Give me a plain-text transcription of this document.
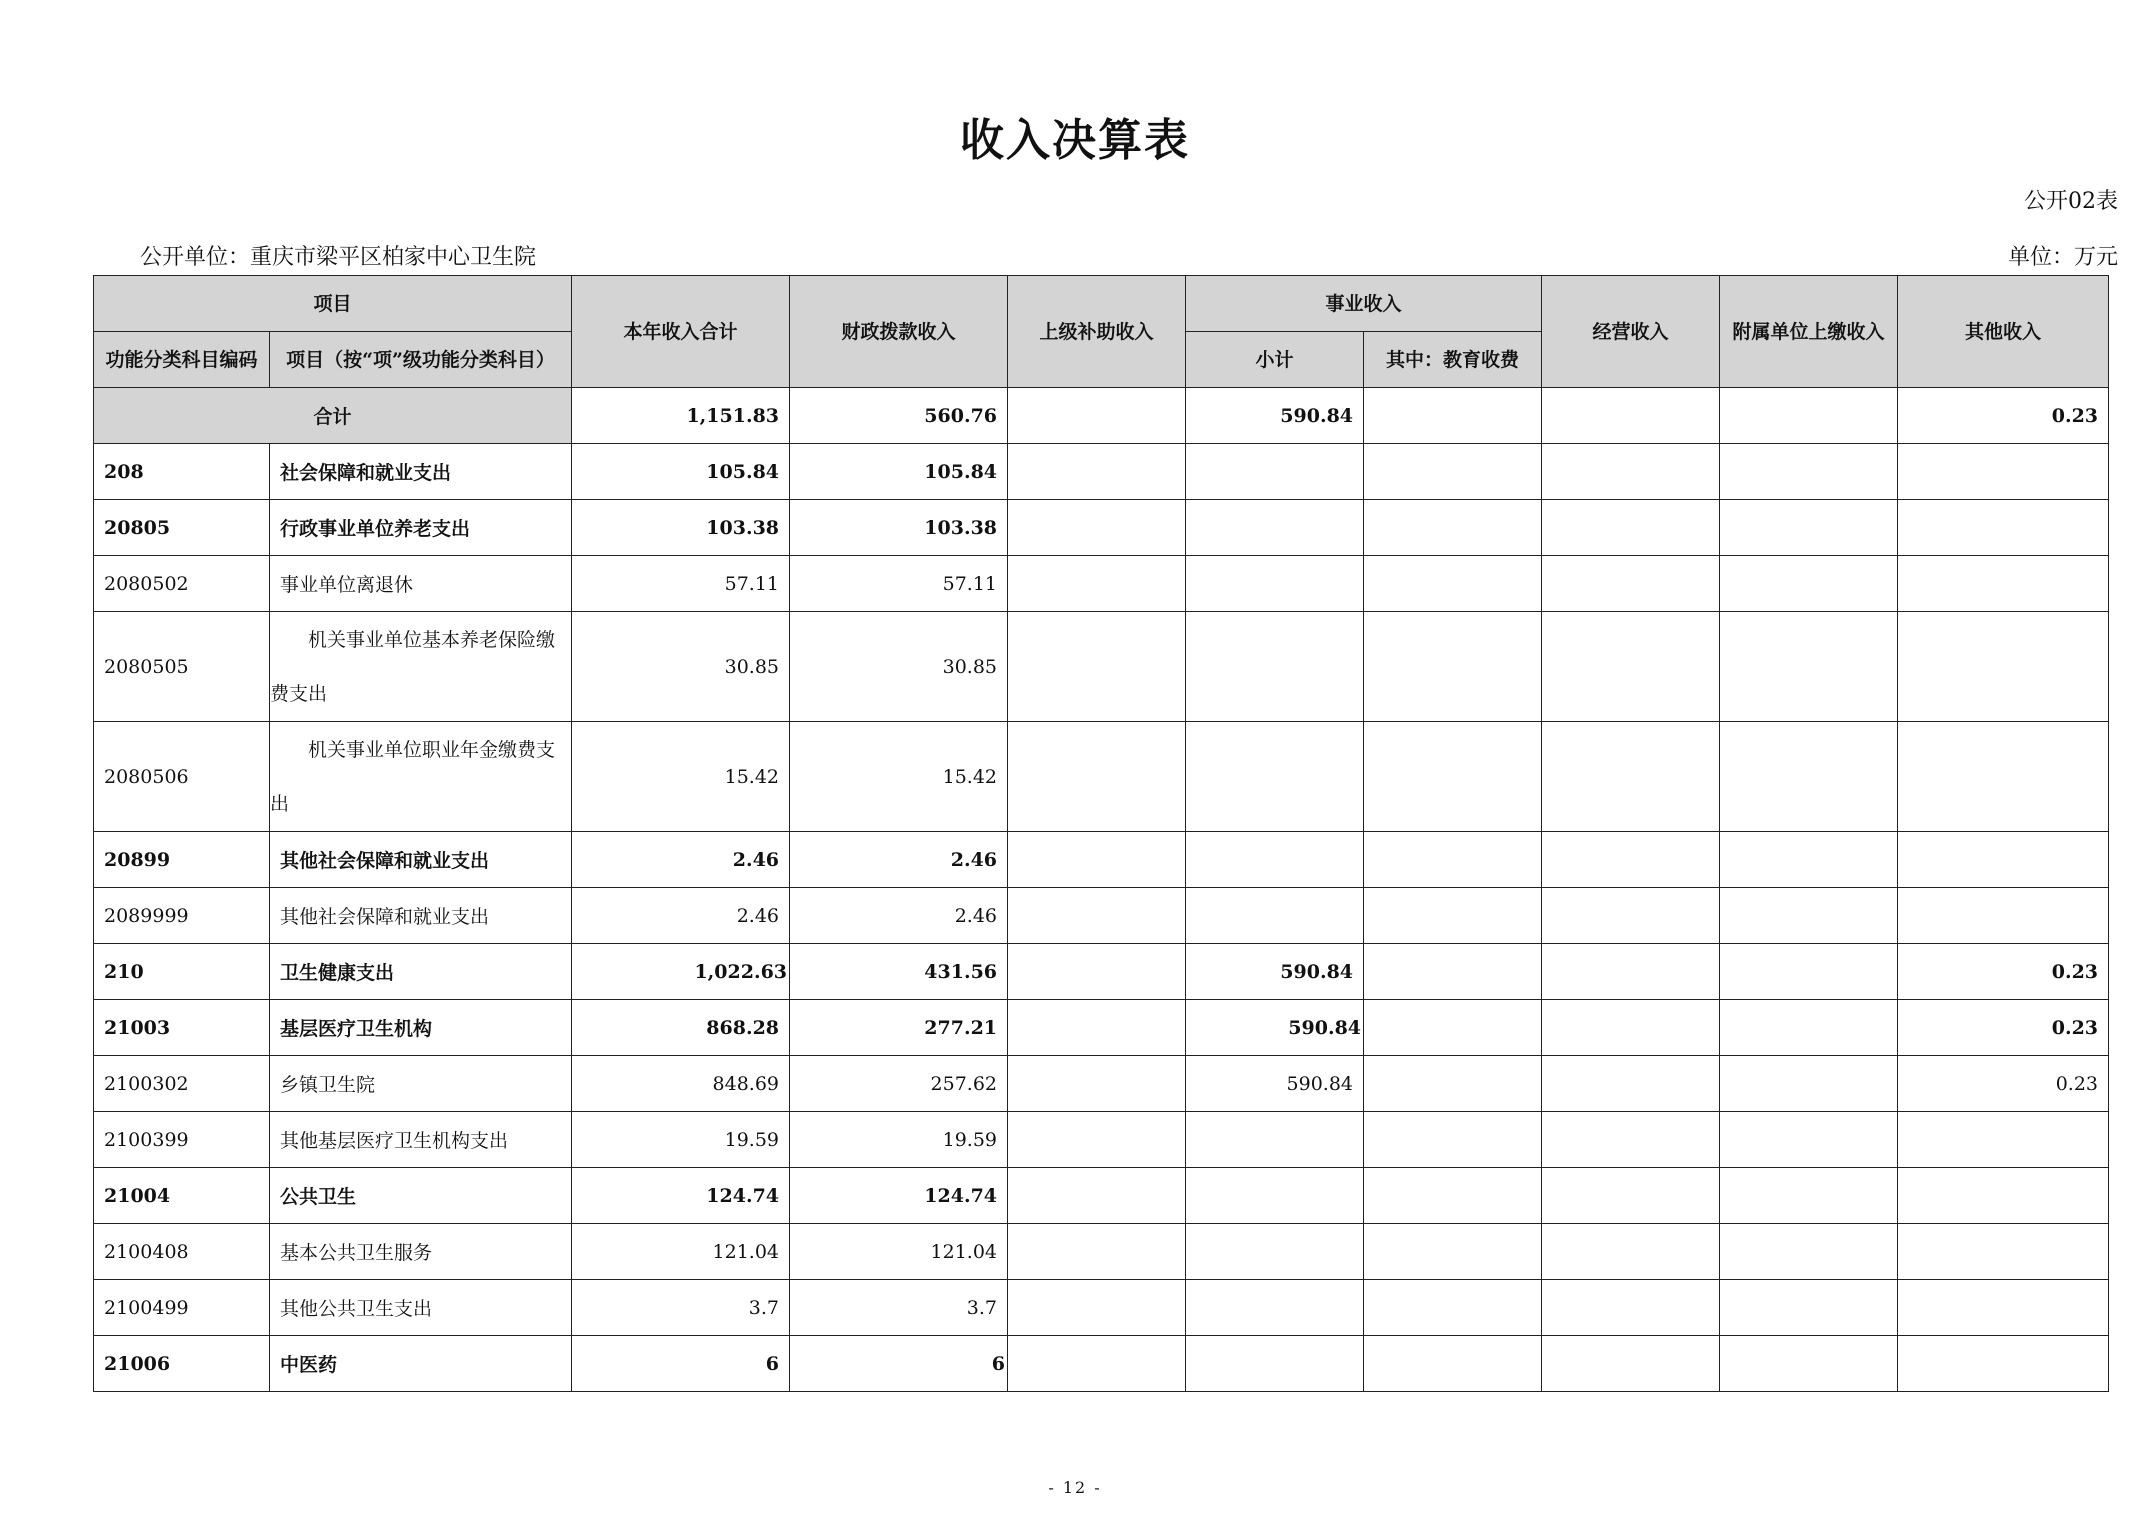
收入决算表
公开02表
公开单位：重庆市梁平区柏家中心卫生院	单位：万元
项目		本年收入合计	财政拨款收入	上级补助收入	事业收入		经营收入	附属单位上缴收入	其他收入
功能分类科目编码	项目（按“项”级功能分类科目）				小计	其中：教育收费			

合计		1,151.83	560.76		590.84				0.23
208	社会保障和就业支出	105.84	105.84						
20805	行政事业单位养老支出	103.38	103.38						
2080502	事业单位离退休	57.11	57.11						
2080505	机关事业单位基本养老保险缴费支出	30.85	30.85						
2080506	机关事业单位职业年金缴费支出	15.42	15.42						
20899	其他社会保障和就业支出	2.46	2.46						
2089999	其他社会保障和就业支出	2.46	2.46						
210	卫生健康支出	1,022.63	431.56		590.84				0.23
21003	基层医疗卫生机构	868.28	277.21		590.84				0.23
2100302	乡镇卫生院	848.69	257.62		590.84				0.23
2100399	其他基层医疗卫生机构支出	19.59	19.59						
21004	公共卫生	124.74	124.74						
2100408	基本公共卫生服务	121.04	121.04						
2100499	其他公共卫生支出	3.7	3.7						
21006	中医药	6	6						
- 12 -
